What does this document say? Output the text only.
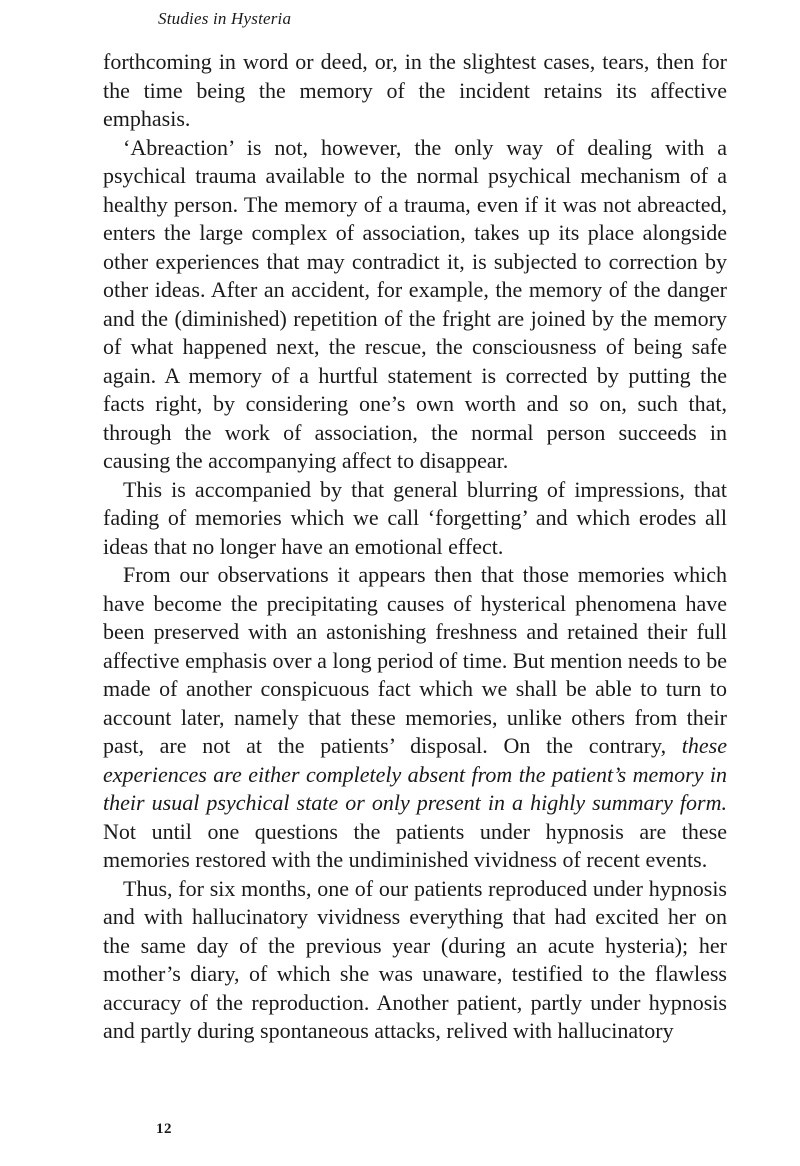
Studies in Hysteria

forthcoming in word or deed, or, in the slightest cases, tears, then for the time being the memory of the incident retains its affective emphasis.

‘Abreaction’ is not, however, the only way of dealing with a psychical trauma available to the normal psychical mechanism of a healthy person. The memory of a trauma, even if it was not abreacted, enters the large complex of association, takes up its place alongside other experiences that may contradict it, is subjected to correction by other ideas. After an accident, for example, the memory of the danger and the (diminished) repetition of the fright are joined by the memory of what happened next, the rescue, the consciousness of being safe again. A memory of a hurtful statement is corrected by putting the facts right, by considering one’s own worth and so on, such that, through the work of association, the normal person succeeds in causing the accompanying affect to disappear.

This is accompanied by that general blurring of impressions, that fading of memories which we call ‘forgetting’ and which erodes all ideas that no longer have an emotional effect.

From our observations it appears then that those memories which have become the precipitating causes of hysterical phenomena have been preserved with an astonishing freshness and retained their full affective emphasis over a long period of time. But mention needs to be made of another conspicuous fact which we shall be able to turn to account later, namely that these memories, unlike others from their past, are not at the patients’ disposal. On the contrary, these experiences are either completely absent from the patient’s memory in their usual psychical state or only present in a highly summary form. Not until one questions the patients under hypnosis are these memories restored with the undiminished vividness of recent events.

Thus, for six months, one of our patients reproduced under hypnosis and with hallucinatory vividness everything that had excited her on the same day of the previous year (during an acute hysteria); her mother’s diary, of which she was unaware, testified to the flawless accuracy of the reproduction. Another patient, partly under hypnosis and partly during spontaneous attacks, relived with hallucinatory

12
